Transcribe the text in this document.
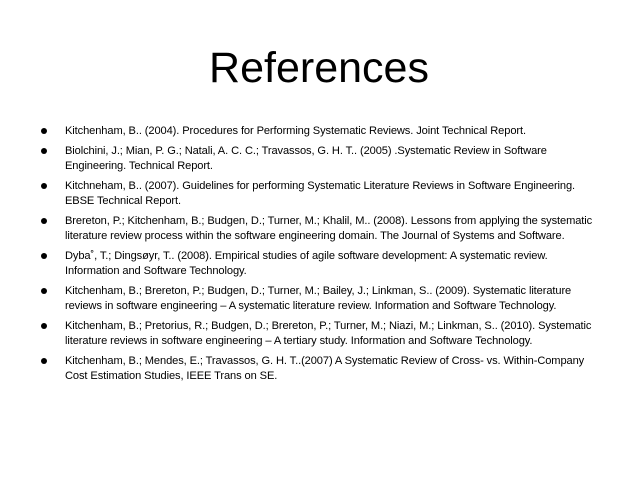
References
Kitchenham, B.. (2004). Procedures for Performing Systematic Reviews. Joint Technical Report.
Biolchini, J.; Mian, P. G.; Natali, A. C. C.; Travassos, G. H. T.. (2005) .Systematic Review in Software Engineering. Technical Report.
Kitchneham, B.. (2007). Guidelines for performing Systematic Literature Reviews in Software Engineering. EBSE Technical Report.
Brereton, P.; Kitchenham, B.; Budgen, D.; Turner, M.; Khalil, M.. (2008). Lessons from applying the systematic literature review process within the software engineering domain. The Journal of Systems and Software.
Dyba˚, T.; Dingsøyr, T.. (2008). Empirical studies of agile software development: A systematic review. Information and Software Technology.
Kitchenham, B.; Brereton, P.; Budgen, D.; Turner, M.; Bailey, J.; Linkman, S.. (2009). Systematic literature reviews in software engineering – A systematic literature review. Information and Software Technology.
Kitchenham, B.; Pretorius, R.; Budgen, D.; Brereton, P.; Turner, M.; Niazi, M.; Linkman, S.. (2010). Systematic literature reviews in software engineering – A tertiary study. Information and Software Technology.
Kitchenham, B.; Mendes, E.; Travassos, G. H. T..(2007) A Systematic Review of Cross- vs. Within-Company Cost Estimation Studies, IEEE Trans on SE.
